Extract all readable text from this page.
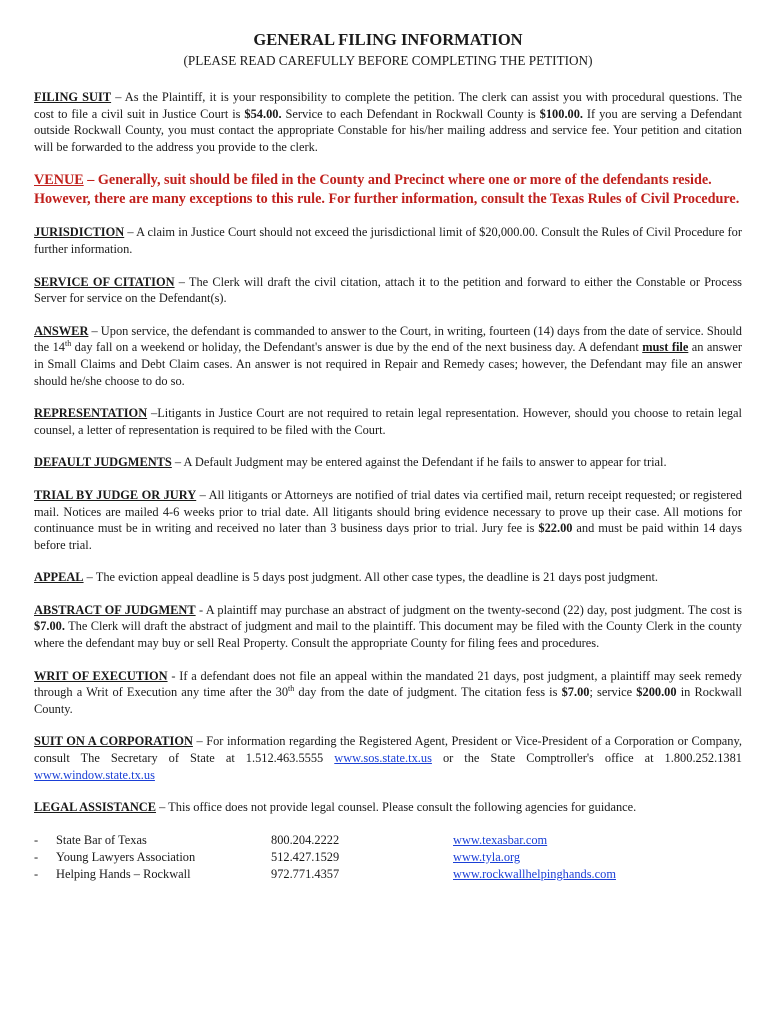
GENERAL FILING INFORMATION

(PLEASE READ CAREFULLY BEFORE COMPLETING THE PETITION)

FILING SUIT – As the Plaintiff, it is your responsibility to complete the petition. The clerk can assist you with procedural questions. The cost to file a civil suit in Justice Court is $54.00. Service to each Defendant in Rockwall County is $100.00. If you are serving a Defendant outside Rockwall County, you must contact the appropriate Constable for his/her mailing address and service fee. Your petition and citation will be forwarded to the address you provide to the clerk.

VENUE – Generally, suit should be filed in the County and Precinct where one or more of the defendants reside. However, there are many exceptions to this rule. For further information, consult the Texas Rules of Civil Procedure.

JURISDICTION – A claim in Justice Court should not exceed the jurisdictional limit of $20,000.00. Consult the Rules of Civil Procedure for further information.

SERVICE OF CITATION – The Clerk will draft the civil citation, attach it to the petition and forward to either the Constable or Process Server for service on the Defendant(s).

ANSWER – Upon service, the defendant is commanded to answer to the Court, in writing, fourteen (14) days from the date of service. Should the 14th day fall on a weekend or holiday, the Defendant's answer is due by the end of the next business day. A defendant must file an answer in Small Claims and Debt Claim cases. An answer is not required in Repair and Remedy cases; however, the Defendant may file an answer should he/she choose to do so.

REPRESENTATION –Litigants in Justice Court are not required to retain legal representation. However, should you choose to retain legal counsel, a letter of representation is required to be filed with the Court.

DEFAULT JUDGMENTS – A Default Judgment may be entered against the Defendant if he fails to answer to appear for trial.

TRIAL BY JUDGE OR JURY – All litigants or Attorneys are notified of trial dates via certified mail, return receipt requested; or registered mail. Notices are mailed 4-6 weeks prior to trial date. All litigants should bring evidence necessary to prove up their case. All motions for continuance must be in writing and received no later than 3 business days prior to trial. Jury fee is $22.00 and must be paid within 14 days before trial.

APPEAL – The eviction appeal deadline is 5 days post judgment. All other case types, the deadline is 21 days post judgment.

ABSTRACT OF JUDGMENT - A plaintiff may purchase an abstract of judgment on the twenty-second (22) day, post judgment. The cost is $7.00. The Clerk will draft the abstract of judgment and mail to the plaintiff. This document may be filed with the County Clerk in the county where the defendant may buy or sell Real Property. Consult the appropriate County for filing fees and procedures.

WRIT OF EXECUTION - If a defendant does not file an appeal within the mandated 21 days, post judgment, a plaintiff may seek remedy through a Writ of Execution any time after the 30th day from the date of judgment. The citation fess is $7.00; service $200.00 in Rockwall County.

SUIT ON A CORPORATION – For information regarding the Registered Agent, President or Vice-President of a Corporation or Company, consult The Secretary of State at 1.512.463.5555 www.sos.state.tx.us or the State Comptroller's office at 1.800.252.1381 www.window.state.tx.us

LEGAL ASSISTANCE – This office does not provide legal counsel. Please consult the following agencies for guidance.

-	State Bar of Texas	800.204.2222	www.texasbar.com
-	Young Lawyers Association	512.427.1529	www.tyla.org
-	Helping Hands – Rockwall	972.771.4357	www.rockwallhelpinghands.com
